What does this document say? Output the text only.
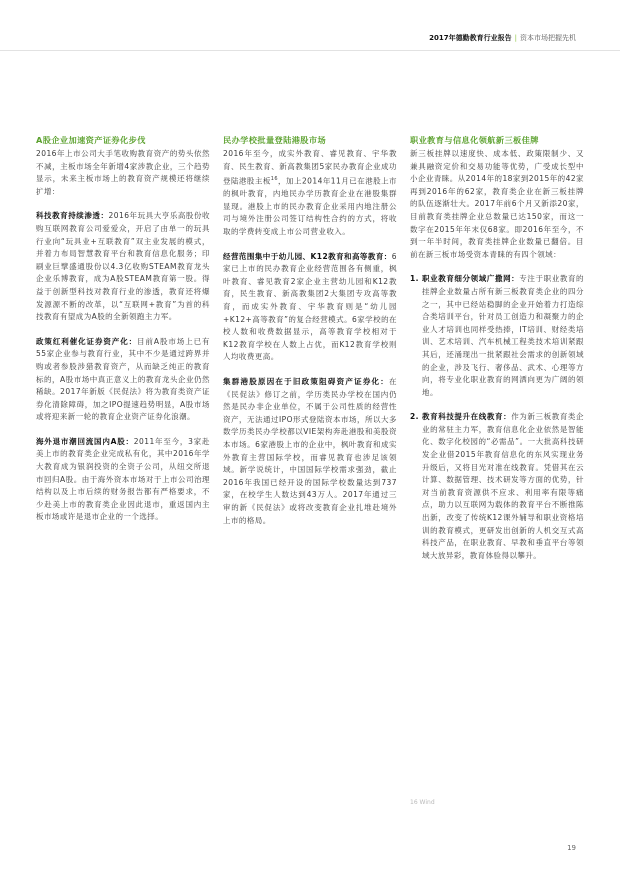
2017年德勤教育行业报告 | 资本市场把握先机
A股企业加速资产证券化步伐

2016年上市公司大手笔收购教育资产的势头依然不减，主板市场全年新增4家涉教企业，三个趋势显示，未来主板市场上的教育资产规模还将继续扩增：

科技教育持续渗透：2016年玩具大亨乐高股份收购互联网教育公司爱爱众，开启了由单一的玩具行业向“玩具业+互联教育”双主业发展的模式，并着力布局智慧教育平台和教育信息化服务；印刷业巨擘盛通股份以4.3亿收购STEAM教育龙头企业乐博教育，成为A股STEAM教育第一股。得益于创新型科技对教育行业的渗透，教育还将爆发源源不断的改革，以“互联网+教育”为首的科技教育有望成为A股的全新领跑主力军。

政策红利催化证券资产化：目前A股市场上已有55家企业参与教育行业，其中不少是通过跨界并购或者参股涉猎教育资产，从而缺乏纯正的教育标的，A股市场中真正意义上的教育龙头企业仍然稀缺。2017年新版《民促法》将为教育类资产证券化清除障碍，加之IPO提速趋势明显，A股市场或将迎来新一轮的教育企业资产证券化浪潮。

海外退市潮回流国内A股：2011年至今，3家赴美上市的教育类企业完成私有化，其中2016年学大教育成为银润投资的全资子公司，从纽交所退市回归A股。由于海外资本市场对于上市公司治理结构以及上市后续的财务报告都有严格要求，不少赴美上市的教育类企业因此退市，重返国内主板市场或许是退市企业的一个选择。

民办学校批量登陆港股市场

2016年至今，成实外教育、睿见教育、宇华教育、民生教育、新高教集团5家民办教育企业成功登陆港股主板$^{16}$，加上2014年11月已在港股上市的枫叶教育，内地民办学历教育企业在港股集群显现。港股上市的民办教育企业采用内地注册公司与境外注册公司签订结构性合约的方式，将收取的学费转变成上市公司营业收入。

经营范围集中于幼儿园、K12教育和高等教育：6家已上市的民办教育企业经营范围各有侧重，枫叶教育、睿见教育2家企业主营幼儿园和K12教育，民生教育、新高教集团2大集团专攻高等教育，而成实外教育、宇华教育则是“幼儿园+K12+高等教育”的复合经营模式。6家学校的在校人数和收费数据显示，高等教育学校相对于K12教育学校在人数上占优，而K12教育学校则人均收费更高。

集群港股原因在于旧政策阻碍资产证券化：在《民促法》修订之前，学历类民办学校在国内仍然是民办非企业单位，不属于公司性质的经营性资产，无法通过IPO形式登陆资本市场，所以大多数学历类民办学校都以VIE架构奔赴港股和美股资本市场。6家港股上市的企业中，枫叶教育和成实外教育主营国际学校，而睿见教育也涉足该领域。新学说统计，中国国际学校需求强劲，截止2016年我国已经开设的国际学校数量达到737家，在校学生人数达到43万人。2017年通过三审的新《民促法》或将改变教育企业扎堆赴境外上市的格局。

职业教育与信息化领航新三板佳牌

新三板挂牌以速度快、成本低、政策限制少、又兼具融资定价和交易功能等优势，广受成长型中小企业青睐。从2014年的18家到2015年的42家再到2016年的62家，教育类企业在新三板挂牌的队伍逐渐壮大。2017年前6个月又新添20家，目前教育类挂牌企业总数量已达150家，而这一数字在2015年年末仅68家。即2016年至今，不到一年半时间，教育类挂牌企业数量已翻倍。目前在新三板市场受资本青睐的有四个领域：

1. 职业教育细分领域广撒网：专注于职业教育的挂牌企业数量占所有新三板教育类企业的四分之一，其中已经站稳脚的企业开始着力打造综合类培训平台，针对员工创造力和凝聚力的企业人才培训也同样受热捧，IT培训、财经类培训、艺术培训、汽车机械工程类技术培训紧跟其后，还涌现出一批紧跟社会需求的创新领域的企业，涉及飞行、奢侈品、武术、心理等方向，将专业化职业教育的网洒向更为广阔的领地。
2. 教育科技提升在线教育：作为新三板教育类企业的常驻主力军，教育信息化企业依然是智能化、数字化校园的“必需品”。一大批高科技研发企业借2015年教育信息化的东风实现业务升级后，又将目光对准在线教育。凭借其在云计算、数据管理、技术研发等方面的优势，针对当前教育资源供不应求、利用率有限等痛点，助力以互联网为载体的教育平台不断推陈出新，改变了传统K12课外辅导和职业资格培训的教育模式，更研发出创新的人机交互式高科技产品，在职业教育、早教和垂直平台等领域大放异彩，教育体验得以攀升。
16 Wind
19
